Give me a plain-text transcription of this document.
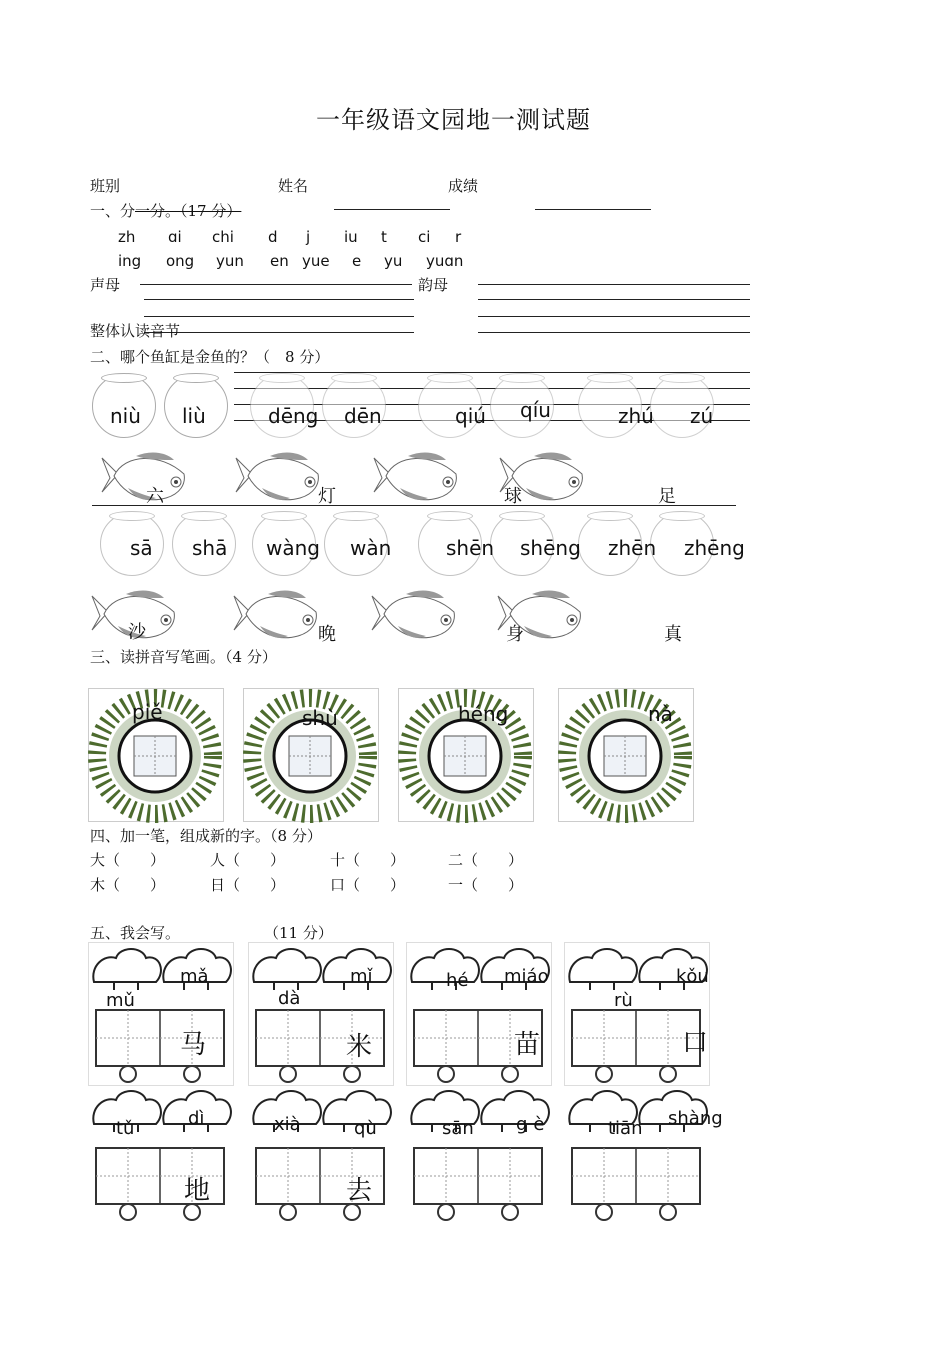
一年级语文园地一测试题
班别	姓名	成绩
一、分一分。（17 分）
zh ɑi chi d j iu t ci r
ing ong yun en yue e yu yuɑn
声母	韵母
整体认读音节
二、哪个鱼缸是金鱼的？（　8 分）
niù liù	dēng dēn	qiú qíu	zhú zú
六	灯	球	足
sā shā wàng wàn	shēn shēng zhēn zhēng
沙	晚	身	真
三、读拼音写笔画。（4 分）
piě	shù	héng	nà
四、加一笔，组成新的字。（8 分）
大（　　）	人（　　）	十（　　）	二（　　）
木（　　）	日（　　）	口（　　）	一（　　）
五、我会写。	（11 分）
mǎ
mǔ
马
mǐ
dà
米
hé miáo
苗
kǒu
rù
口
dì
tǔ
地
xià	qù
去
sān gè	tiān shàng
